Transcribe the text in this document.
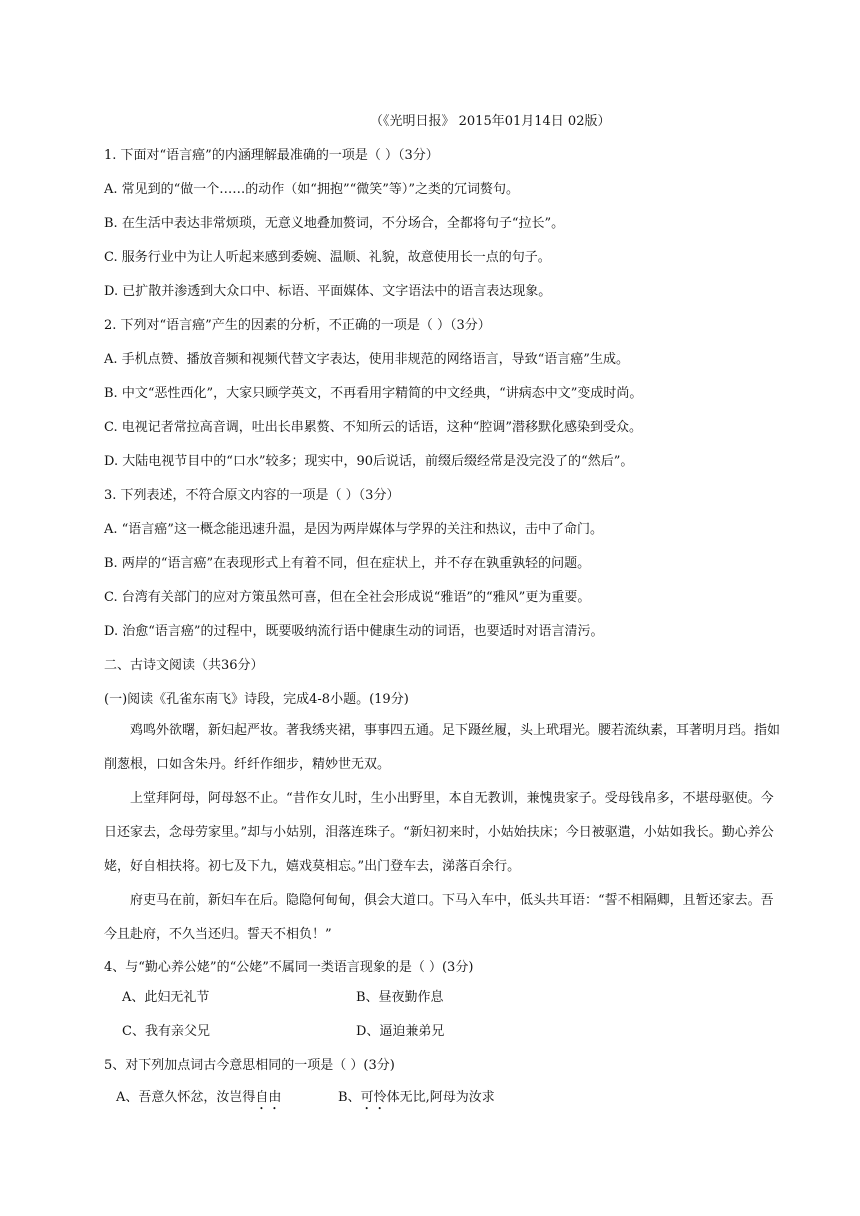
（《光明日报》 2015年01月14日 02版）
1. 下面对“语言癌”的内涵理解最准确的一项是（ ）（3分）
A. 常见到的“做一个……的动作（如“拥抱”“微笑”等）”之类的冗词赘句。
B. 在生活中表达非常烦琐，无意义地叠加赘词，不分场合，全都将句子“拉长”。
C. 服务行业中为让人听起来感到委婉、温顺、礼貌，故意使用长一点的句子。
D. 已扩散并渗透到大众口中、标语、平面媒体、文字语法中的语言表达现象。
2. 下列对“语言癌”产生的因素的分析，不正确的一项是（ ）（3分）
A. 手机点赞、播放音频和视频代替文字表达，使用非规范的网络语言，导致“语言癌”生成。
B. 中文“恶性西化”，大家只顾学英文，不再看用字精简的中文经典，“讲病态中文”变成时尚。
C. 电视记者常拉高音调，吐出长串累赘、不知所云的话语，这种“腔调”潜移默化感染到受众。
D. 大陆电视节目中的“口水”较多；现实中，90后说话，前缀后缀经常是没完没了的“然后”。
3. 下列表述，不符合原文内容的一项是（ ）（3分）
A. “语言癌”这一概念能迅速升温，是因为两岸媒体与学界的关注和热议，击中了命门。
B. 两岸的“语言癌”在表现形式上有着不同，但在症状上，并不存在孰重孰轻的问题。
C. 台湾有关部门的应对方策虽然可喜，但在全社会形成说“雅语”的“雅风”更为重要。
D. 治愈“语言癌”的过程中，既要吸纳流行语中健康生动的词语，也要适时对语言清污。
二、古诗文阅读（共36分）
(一)阅读《孔雀东南飞》诗段，完成4-8小题。(19分)
鸡鸣外欲曙，新妇起严妆。著我绣夹裙，事事四五通。足下蹑丝履，头上玳瑁光。腰若流纨素，耳著明月珰。指如削葱根，口如含朱丹。纤纤作细步，精妙世无双。
上堂拜阿母，阿母怒不止。“昔作女儿时，生小出野里，本自无教训，兼愧贵家子。受母钱帛多，不堪母驱使。今日还家去，念母劳家里。”却与小姑别，泪落连珠子。“新妇初来时，小姑始扶床；今日被驱遣，小姑如我长。勤心养公姥，好自相扶将。初七及下九，嬉戏莫相忘。”出门登车去，涕落百余行。
府吏马在前，新妇车在后。隐隐何甸甸，俱会大道口。下马入车中，低头共耳语：“誓不相隔卿，且暂还家去。吾今且赴府，不久当还归。誓天不相负！”
4、与“勤心养公姥”的“公姥”不属同一类语言现象的是（ ）(3分)
A、此妇无礼节	B、昼夜勤作息
C、我有亲父兄	D、逼迫兼弟兄
5、对下列加点词古今意思相同的一项是（ ）(3分)
A、吾意久怀忿，汝岂得自由	B、可怜体无比,阿母为汝求
